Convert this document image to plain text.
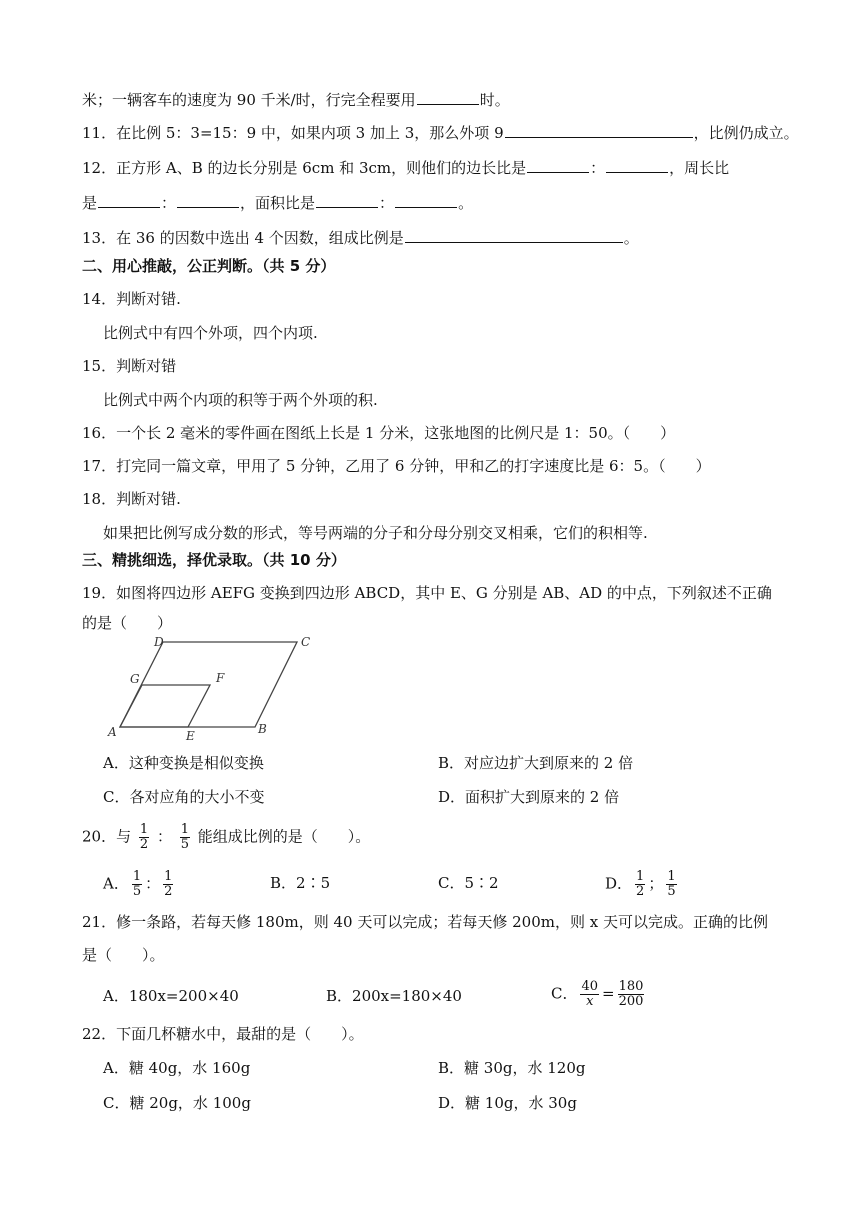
米；一辆客车的速度为 90 千米/时，行完全程要用	时。
11．在比例 5：3=15：9 中，如果内项 3 加上 3，那么外项 9	，比例仍成立。
12．正方形 A、B 的边长分别是 6cm 和 3cm，则他们的边长比是	：	，周长比
是	：	，面积比是	：	。
13．在 36 的因数中选出 4 个因数，组成比例是	。
二、用心推敲，公正判断。（共 5 分）
14．判断对错.
比例式中有四个外项，四个内项.
15．判断对错
比例式中两个内项的积等于两个外项的积.
16．一个长 2 毫米的零件画在图纸上长是 1 分米，这张地图的比例尺是 1：50。（　　）
17．打完同一篇文章，甲用了 5 分钟，乙用了 6 分钟，甲和乙的打字速度比是 6：5。（　　）
18．判断对错.
如果把比例写成分数的形式，等号两端的分子和分母分别交叉相乘，它们的积相等.
三、精挑细选，择优录取。（共 10 分）
19．如图将四边形 AEFG 变换到四边形 ABCD，其中 E、G 分别是 AB、AD 的中点，下列叙述不正确
的是（　　）
D	C
G	F
A	E	B
A．这种变换是相似变换	B．对应边扩大到原来的 2 倍
C．各对应角的大小不变	D．面积扩大到原来的 2 倍
20．与 $\frac{1}{2}$ ： $\frac{1}{5}$ 能组成比例的是（　　）。
A． $\frac{1}{5}$ ： $\frac{1}{2}$	B．2∶5	C．5∶2	D． $\frac{1}{2}$ ； $\frac{1}{5}$
21．修一条路，若每天修 180m，则 40 天可以完成；若每天修 200m，则 x 天可以完成。正确的比例
是（　　）。
A．180x=200×40	B．200x=180×40	C． $\frac{40}{x} = \frac{180}{200}$
22．下面几杯糖水中，最甜的是（　　）。
A．糖 40g，水 160g	B．糖 30g，水 120g
C．糖 20g，水 100g	D．糖 10g，水 30g
